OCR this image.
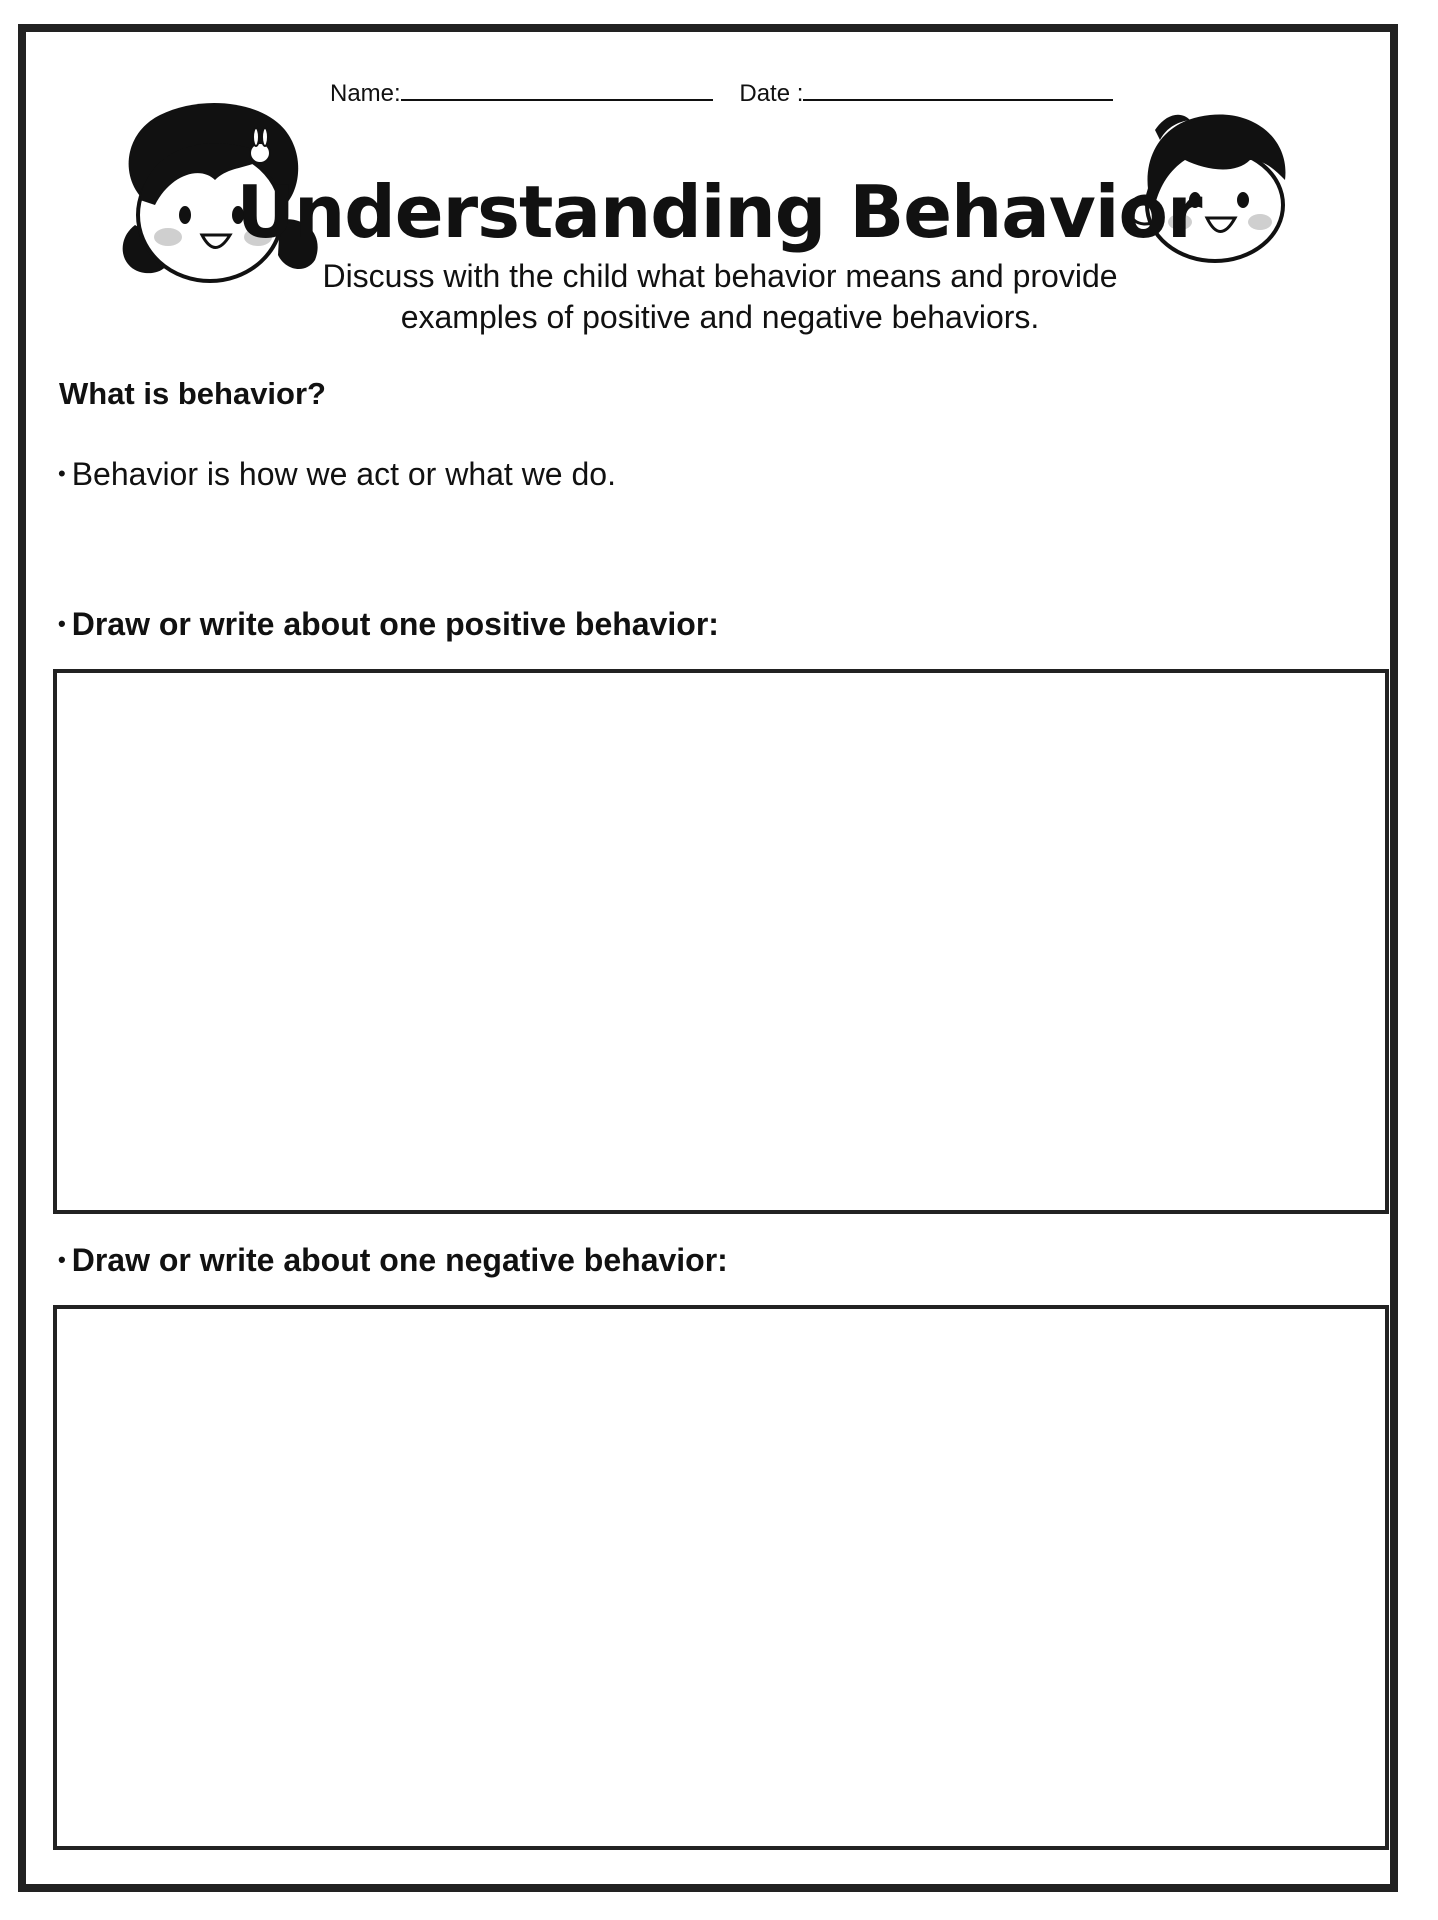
Name:	Date :
Understanding Behavior
Discuss with the child what behavior means and provide examples of positive and negative behaviors.
What is behavior?
• Behavior is how we act or what we do.
• Draw or write about one positive behavior:
• Draw or write about one negative behavior:
